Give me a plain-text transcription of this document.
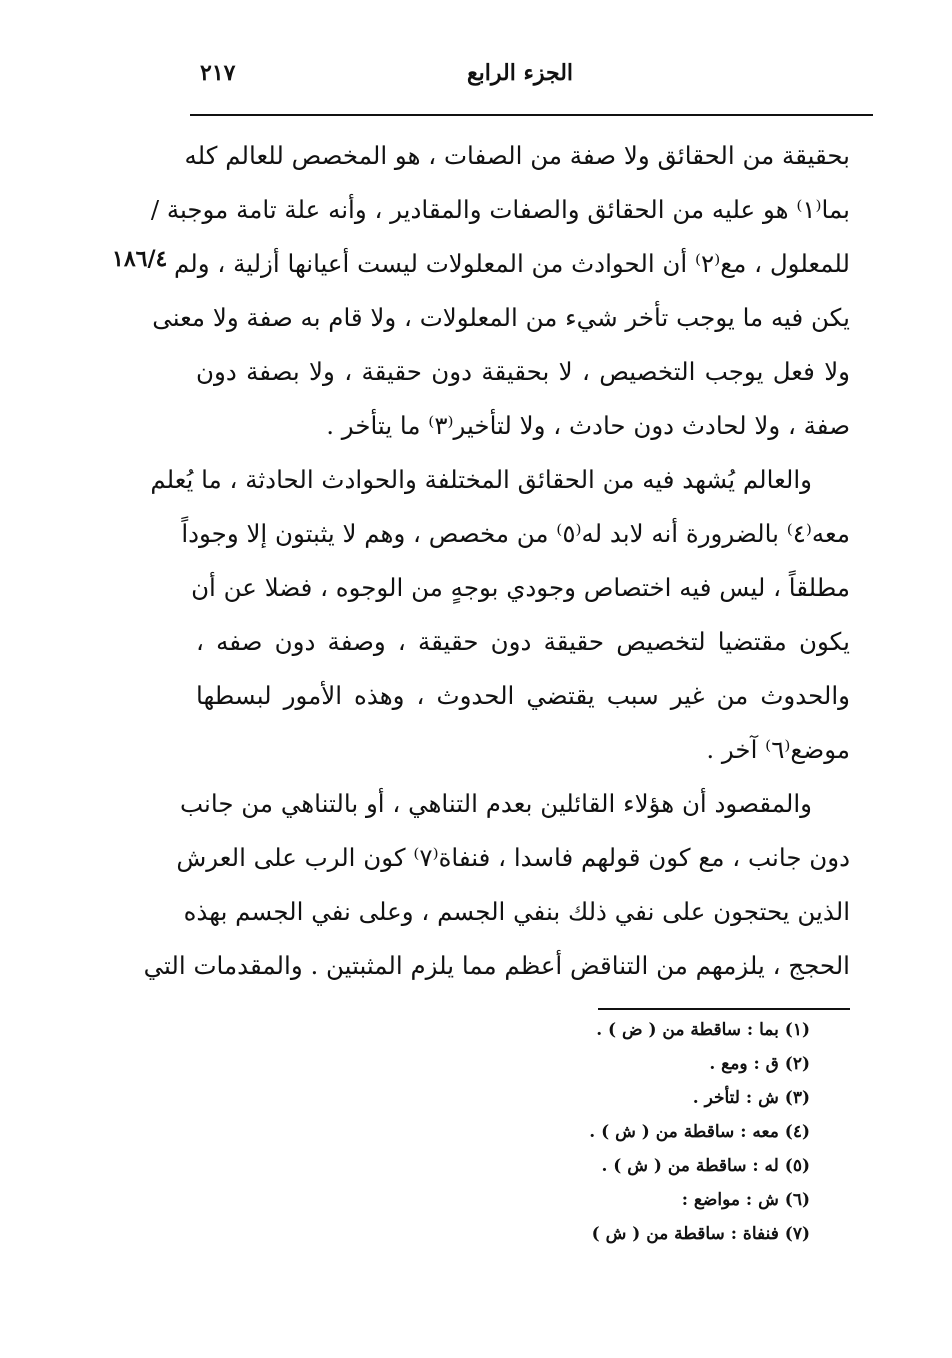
الجزء الرابع
٢١٧
١٨٦/٤
بحقيقة من الحقائق ولا صفة من الصفات ، هو المخصص للعالم كله
بما⁽١⁾ هو عليه من الحقائق والصفات والمقادير ، وأنه علة تامة موجبة /
للمعلول ، مع⁽٢⁾ أن الحوادث من المعلولات ليست أعيانها أزلية ، ولم
يكن فيه ما يوجب تأخر شيء من المعلولات ، ولا قام به صفة ولا معنى
ولا فعل يوجب التخصيص ، لا بحقيقة دون حقيقة ، ولا بصفة دون
صفة ، ولا لحادث دون حادث ، ولا لتأخير⁽٣⁾ ما يتأخر .
والعالم يُشهد فيه من الحقائق المختلفة والحوادث الحادثة ، ما يُعلم
معه⁽٤⁾ بالضرورة أنه لابد له⁽٥⁾ من مخصص ، وهم لا يثبتون إلا وجوداً
مطلقاً ، ليس فيه اختصاص وجودي بوجهٍ من الوجوه ، فضلا عن أن
يكون مقتضيا لتخصيص حقيقة دون حقيقة ، وصفة دون صفه ،
والحدوث من غير سبب يقتضي الحدوث ، وهذه الأمور لبسطها
موضع⁽٦⁾ آخر .
والمقصود أن هؤلاء القائلين بعدم التناهي ، أو بالتناهي من جانب
دون جانب ، مع كون قولهم فاسدا ، فنفاة⁽٧⁾ كون الرب على العرش
الذين يحتجون على نفي ذلك بنفي الجسم ، وعلى نفي الجسم بهذه
الحجج ، يلزمهم من التناقض أعظم مما يلزم المثبتين . والمقدمات التي
(١) بما : ساقطة من ( ض ) .
(٢) ق : ومع .
(٣) ش : لتأخر .
(٤) معه : ساقطة من ( ش ) .
(٥) له : ساقطة من ( ش ) .
(٦) ش : مواضع :
(٧) فنفاة : ساقطة من ( ش )
